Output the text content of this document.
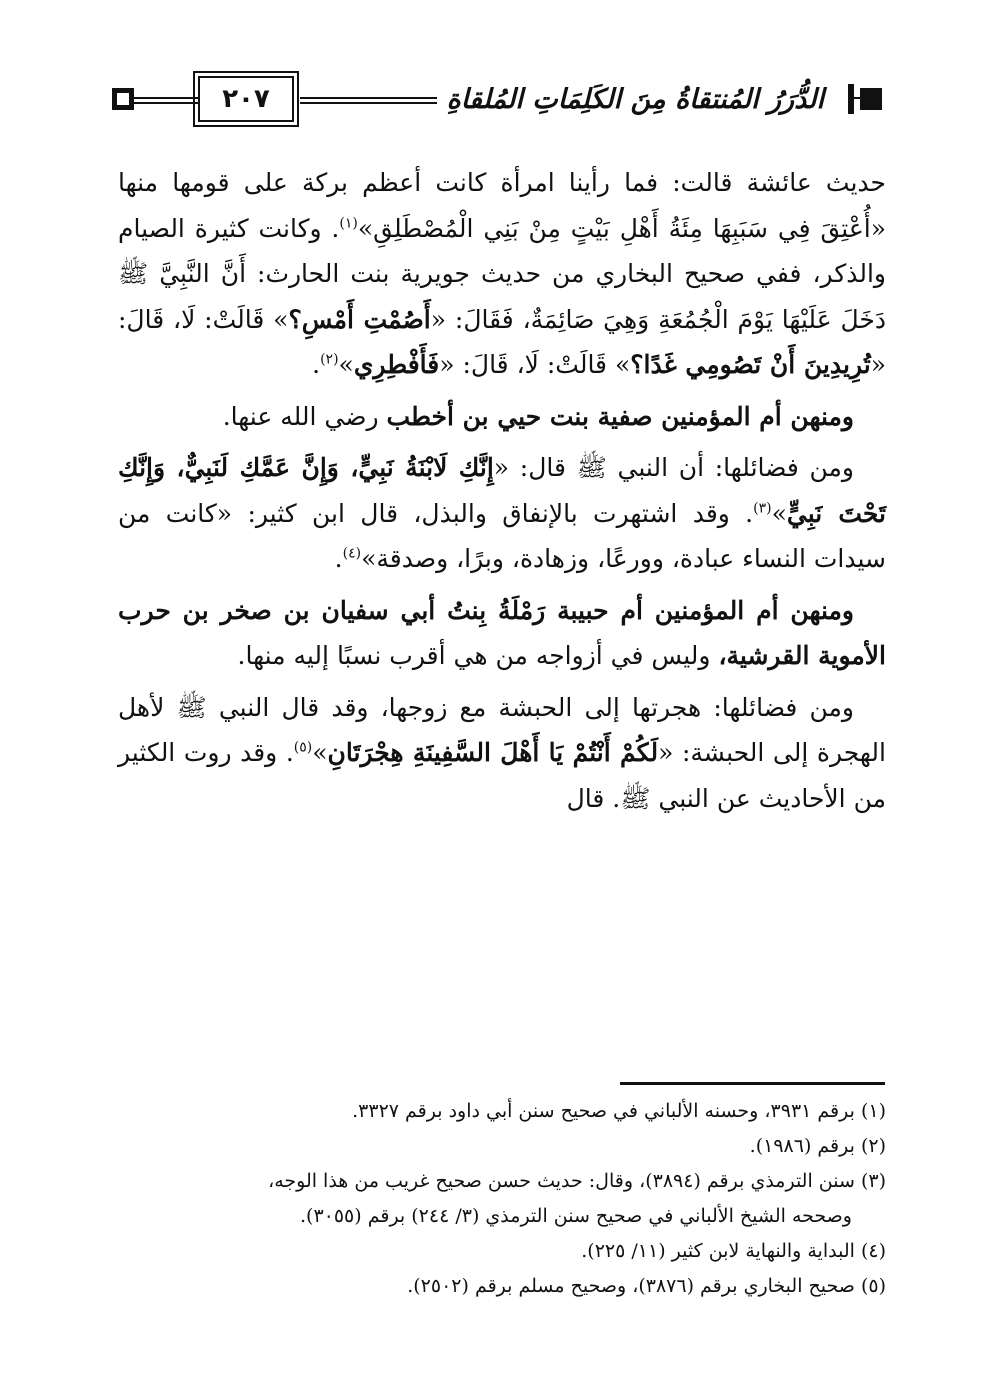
٢٠٧	الدُّرَرُ المُنتقاةُ مِنَ الكَلِمَاتِ المُلقاةِ

حديث عائشة قالت: فما رأينا امرأة كانت أعظم بركة على قومها منها «أُعْتِقَ فِي سَبَبِهَا مِئَةُ أَهْلِ بَيْتٍ مِنْ بَنِي الْمُصْطَلِقِ»$^{(١)}$. وكانت كثيرة الصيام والذكر، ففي صحيح البخاري من حديث جويرية بنت الحارث: أَنَّ النَّبِيَّ ﷺ دَخَلَ عَلَيْهَا يَوْمَ الْجُمُعَةِ وَهِيَ صَائِمَةٌ، فَقَالَ: «أَصُمْتِ أَمْسِ؟» قَالَتْ: لَا، قَالَ: «تُرِيدِينَ أَنْ تَصُومِي غَدًا؟» قَالَتْ: لَا، قَالَ: «فَأَفْطِرِي»$^{(٢)}$.

ومنهن أم المؤمنين صفية بنت حيي بن أخطب رضي الله عنها.

ومن فضائلها: أن النبي ﷺ قال: «إِنَّكِ لَابْنَةُ نَبِيٍّ، وَإِنَّ عَمَّكِ لَنَبِيٌّ، وَإِنَّكِ تَحْتَ نَبِيٍّ»$^{(٣)}$. وقد اشتهرت بالإنفاق والبذل، قال ابن كثير: «كانت من سيدات النساء عبادة، وورعًا، وزهادة، وبرًا، وصدقة»$^{(٤)}$.

ومنهن أم المؤمنين أم حبيبة رَمْلَةُ بِنتُ أبي سفيان بن صخر بن حرب الأموية القرشية، وليس في أزواجه من هي أقرب نسبًا إليه منها.

ومن فضائلها: هجرتها إلى الحبشة مع زوجها، وقد قال النبي ﷺ لأهل الهجرة إلى الحبشة: «لَكُمْ أَنْتُمْ يَا أَهْلَ السَّفِينَةِ هِجْرَتَانِ»$^{(٥)}$. وقد روت الكثير من الأحاديث عن النبي ﷺ. قال

(١) برقم ٣٩٣١، وحسنه الألباني في صحيح سنن أبي داود برقم ٣٣٢٧.

(٢) برقم (١٩٨٦).

(٣) سنن الترمذي برقم (٣٨٩٤)، وقال: حديث حسن صحيح غريب من هذا الوجه،

وصححه الشيخ الألباني في صحيح سنن الترمذي (٣/ ٢٤٤) برقم (٣٠٥٥).

(٤) البداية والنهاية لابن كثير (١١/ ٢٢٥).

(٥) صحيح البخاري برقم (٣٨٧٦)، وصحيح مسلم برقم (٢٥٠٢).
